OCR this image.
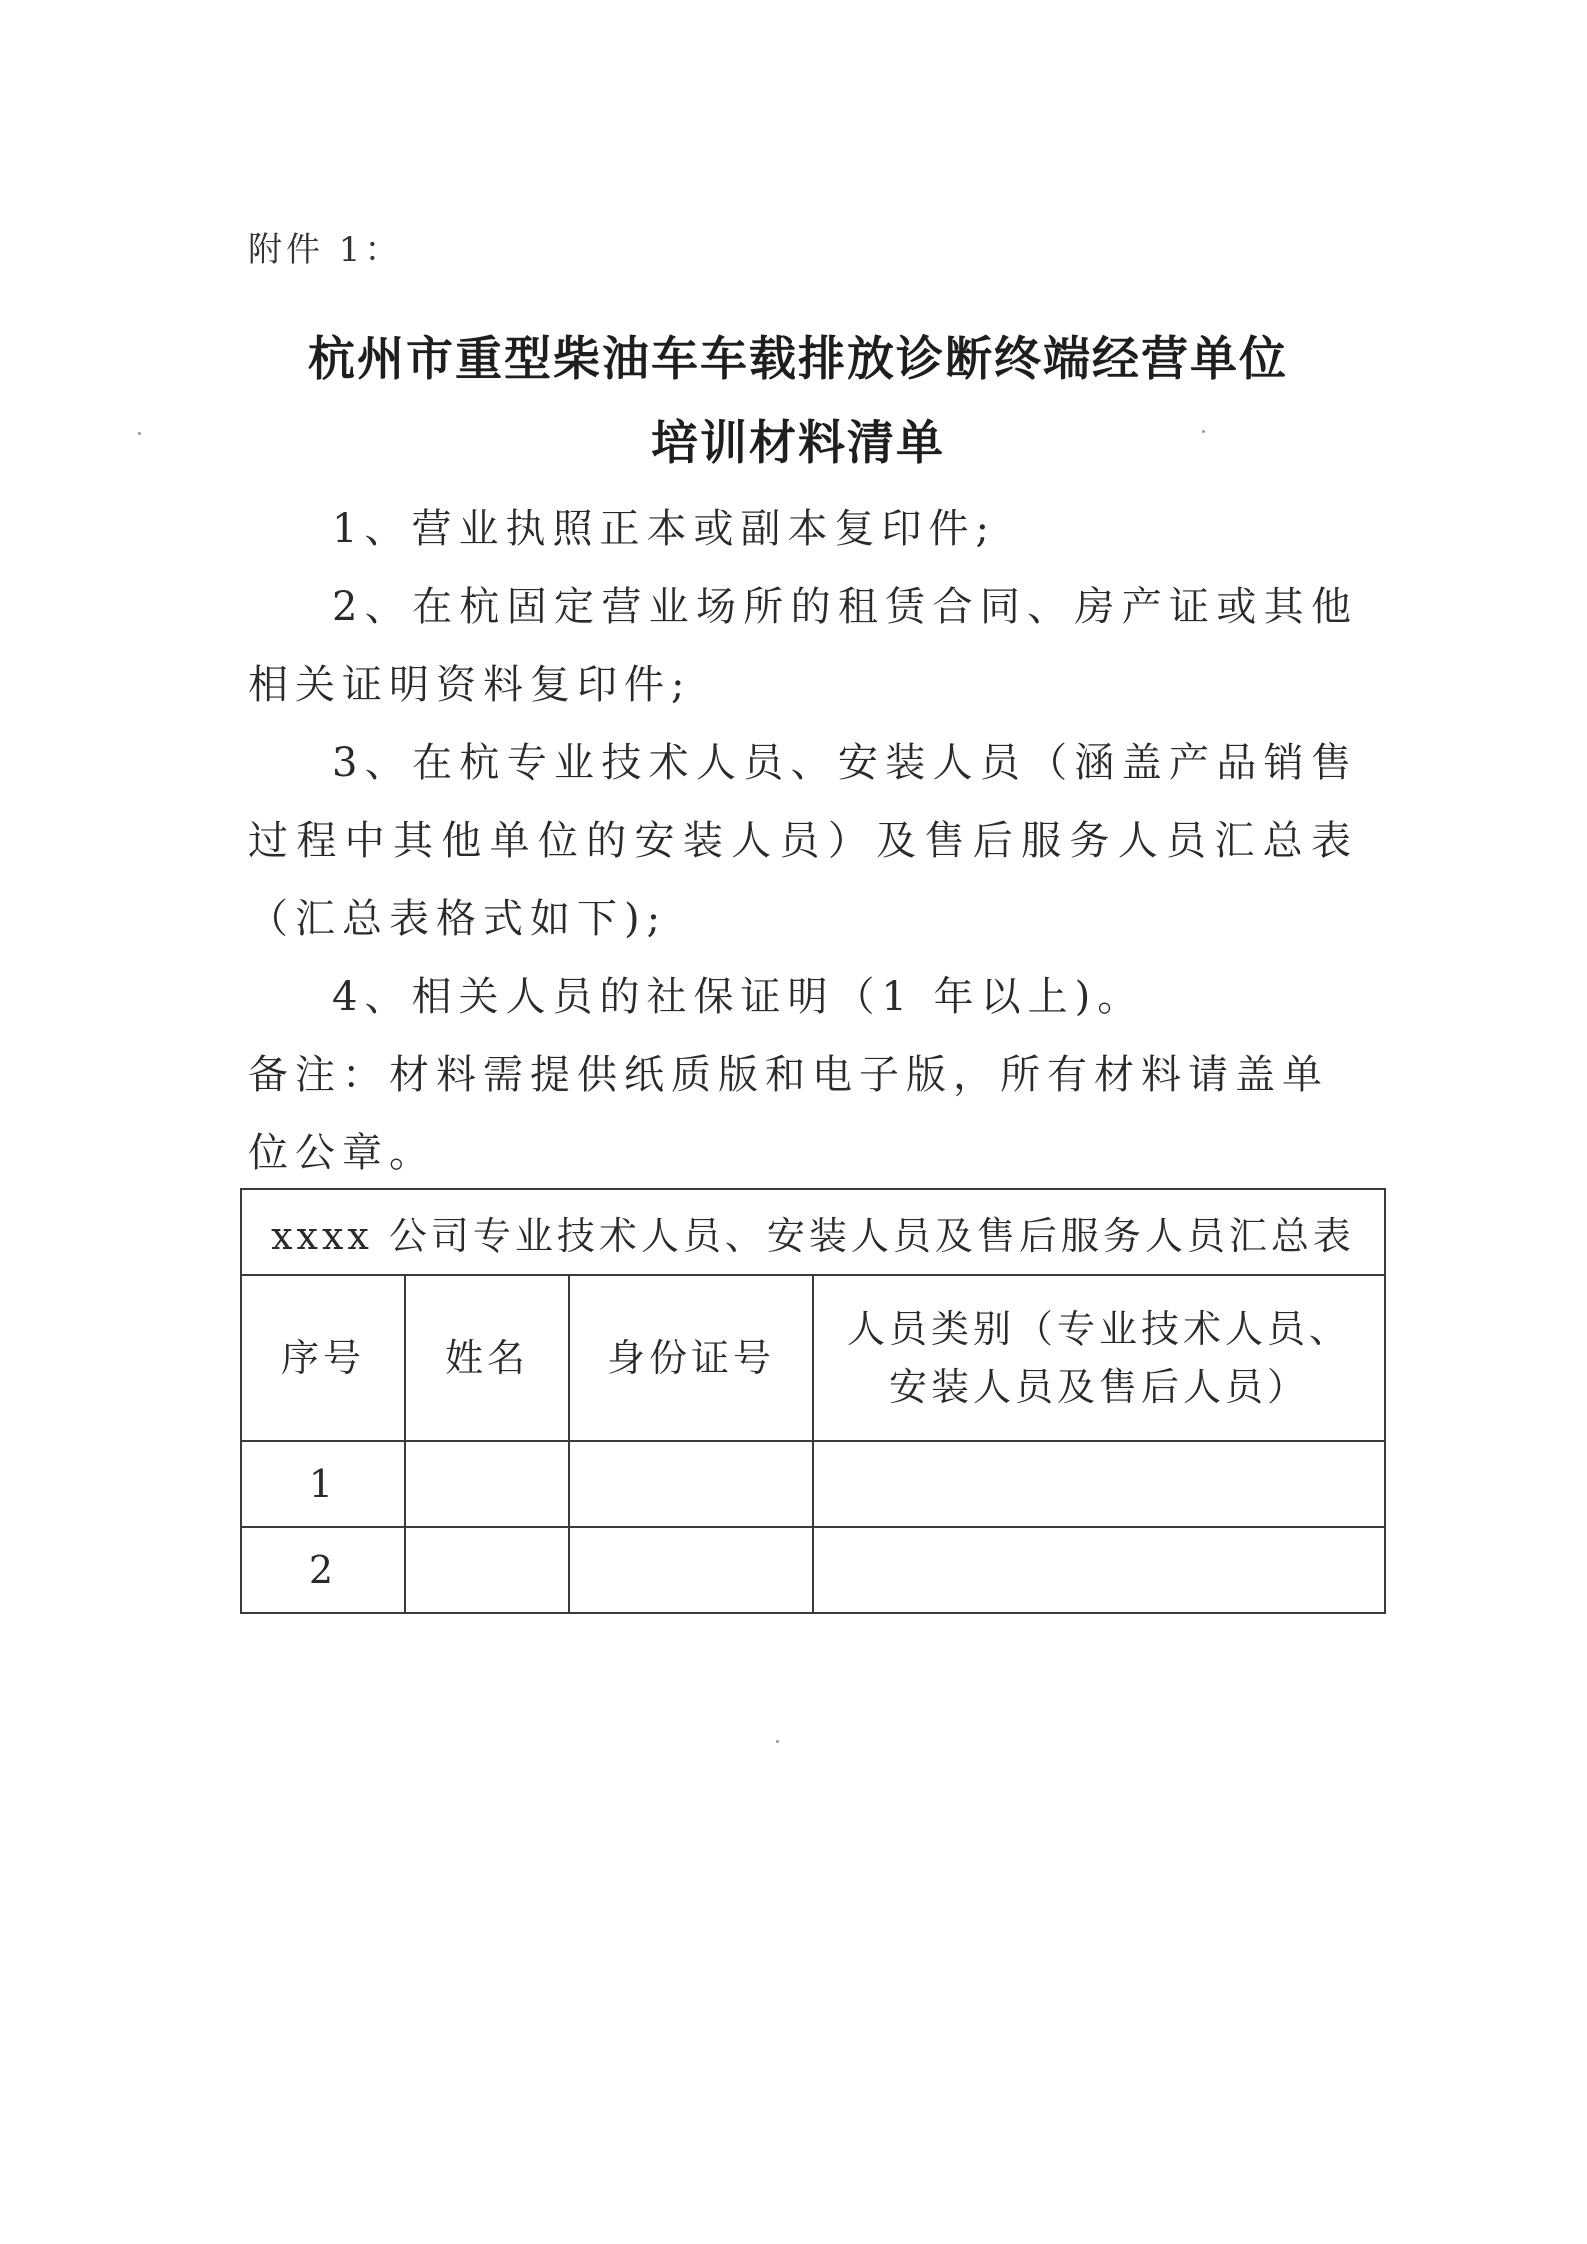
附件 1：
杭州市重型柴油车车载排放诊断终端经营单位
培训材料清单

1、营业执照正本或副本复印件;

2、在杭固定营业场所的租赁合同、房产证或其他相关证明资料复印件;

3、在杭专业技术人员、安装人员（涵盖产品销售过程中其他单位的安装人员）及售后服务人员汇总表（汇总表格式如下);

4、相关人员的社保证明（1 年以上)。

备注：材料需提供纸质版和电子版，所有材料请盖单位公章。

xxxx 公司专业技术人员、安装人员及售后服务人员汇总表			
序号	姓名	身份证号	人员类别（专业技术人员、安装人员及售后人员）
1			
2			
